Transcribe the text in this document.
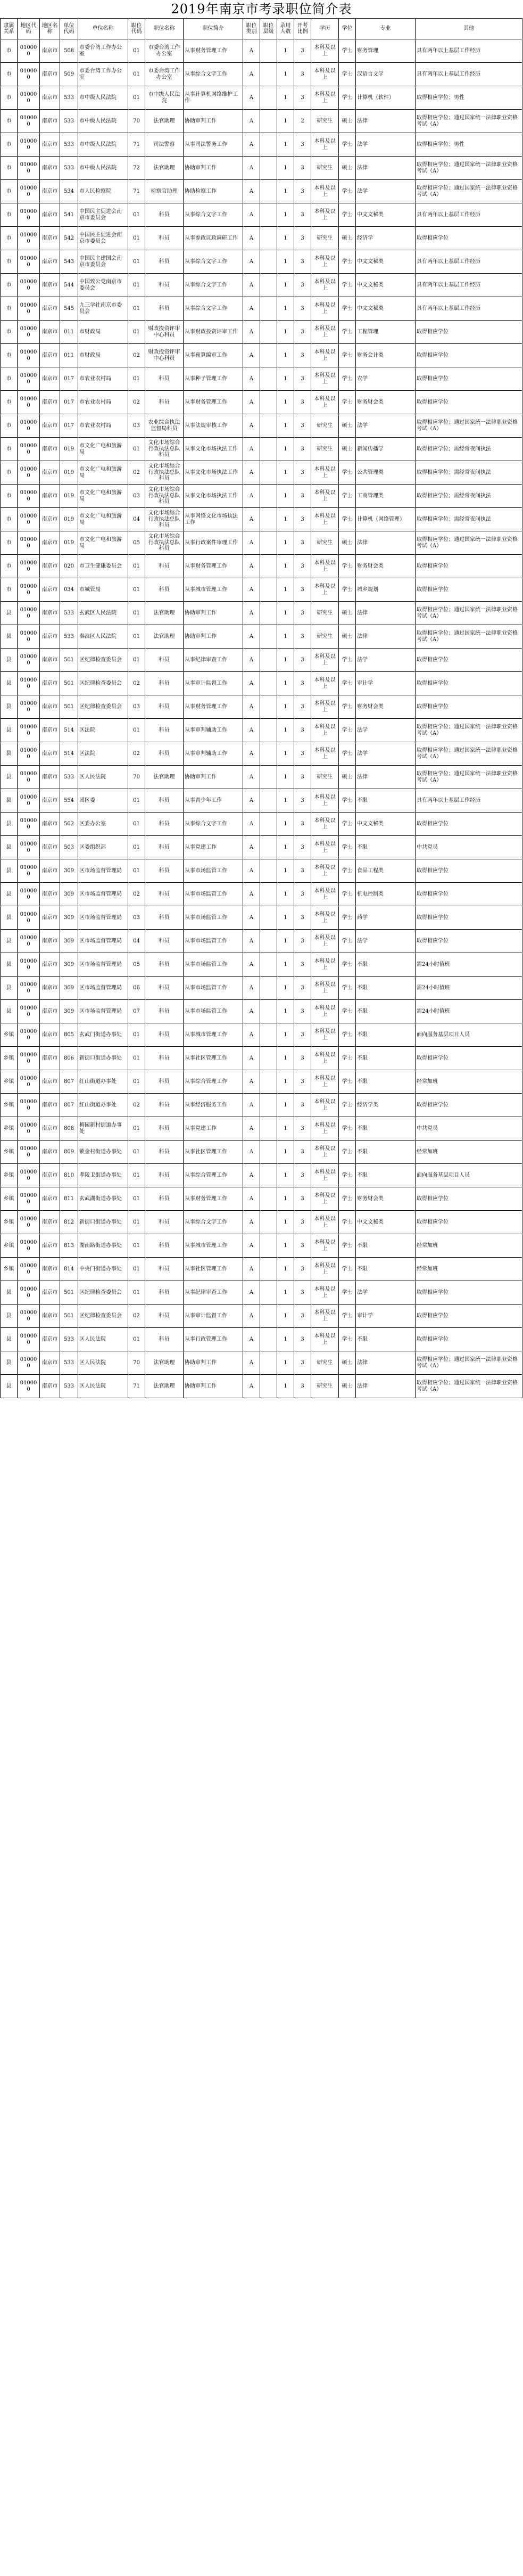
2019年南京市考录职位简介表
隶属关系	地区代码	地区名称	单位代码	单位名称	职位代码	职位名称	职位简介	职位类别	职位层级	录用人数	开考比例	学历	学位	专业	其他
市	010000	南京市	508	市委台湾工作办公室	01	市委台湾工作办公室	从事财务管理工作	A		1	3	本科及以上	学士	财务管理	具有两年以上基层工作经历
市	010000	南京市	509	市委台湾工作办公室	01	市委台湾工作办公室	从事综合文字工作	A		1	3	本科及以上	学士	汉语言文学	具有两年以上基层工作经历
市	010000	南京市	533	市中级人民法院	01	市中级人民法院	从事计算机网络维护工作	A		1	3	本科及以上	学士	计算机（软件）	取得相应学位；男性
市	010000	南京市	533	市中级人民法院	70	法官助理	协助审判工作	A		1	2	研究生	硕士	法律	取得相应学位；通过国家统一法律职业资格考试（A）
市	010000	南京市	533	市中级人民法院	71	司法警察	从事司法警务工作	A		1	3	本科及以上	学士	法学	取得相应学位；男性
市	010000	南京市	533	市中级人民法院	72	法官助理	协助审判工作	A		1	3	研究生	硕士	法律	取得相应学位；通过国家统一法律职业资格考试（A）
市	010000	南京市	534	市人民检察院	71	检察官助理	协助检察工作	A		1	3	本科及以上	学士	法学	取得相应学位；通过国家统一法律职业资格考试（A）
市	010000	南京市	541	中国民主促进会南京市委员会	01	科员	从事综合文字工作	A		1	3	本科及以上	学士	中文文秘类	具有两年以上基层工作经历
市	010000	南京市	542	中国民主促进会南京市委员会	01	科员	从事参政议政调研工作	A		1	3	研究生	硕士	经济学	取得相应学位
市	010000	南京市	543	中国民主建国会南京市委员会	01	科员	从事综合文字工作	A		1	3	本科及以上	学士	中文文秘类	具有两年以上基层工作经历
市	010000	南京市	544	中国致公党南京市委员会	01	科员	从事综合文字工作	A		1	3	本科及以上	学士	中文文秘类	具有两年以上基层工作经历
市	010000	南京市	545	九三学社南京市委员会	01	科员	从事综合文字工作	A		1	3	本科及以上	学士	中文文秘类	具有两年以上基层工作经历
市	010000	南京市	011	市财政局	01	财政投资评审中心科员	从事财政投资评审工作	A		1	3	本科及以上	学士	工程管理	取得相应学位
市	010000	南京市	011	市财政局	02	财政投资评审中心科员	从事预算编审工作	A		1	3	本科及以上	学士	财务会计类	取得相应学位
市	010000	南京市	017	市农业农村局	01	科员	从事种子管理工作	A		1	3	本科及以上	学士	农学	取得相应学位
市	010000	南京市	017	市农业农村局	02	科员	从事财务管理工作	A		1	3	本科及以上	学士	财务财会类	取得相应学位
市	010000	南京市	017	市农业农村局	03	农业综合执法监督局科员	从事法规审核工作	A		1	3	研究生	硕士	法学	取得相应学位；通过国家统一法律职业资格考试（A）
市	010000	南京市	019	市文化广电和旅游局	01	文化市场综合行政执法总队科员	从事文化市场执法工作	A		1	3	研究生	硕士	新闻传播学	取得相应学位；需经常夜间执法
市	010000	南京市	019	市文化广电和旅游局	02	文化市场综合行政执法总队科员	从事文化市场执法工作	A		1	3	本科及以上	学士	公共管理类	取得相应学位；需经常夜间执法
市	010000	南京市	019	市文化广电和旅游局	03	文化市场综合行政执法总队科员	从事文化市场执法工作	A		1	3	本科及以上	学士	工商管理类	取得相应学位；需经常夜间执法
市	010000	南京市	019	市文化广电和旅游局	04	文化市场综合行政执法总队科员	从事网络文化市场执法工作	A		1	3	本科及以上	学士	计算机（网络管理）	取得相应学位；需经常夜间执法
市	010000	南京市	019	市文化广电和旅游局	05	文化市场综合行政执法总队科员	从事行政案件审理工作	A		1	3	研究生	硕士	法律	取得相应学位；通过国家统一法律职业资格考试（A）
市	010000	南京市	020	市卫生健康委员会	01	科员	从事财务管理工作	A		1	3	本科及以上	学士	财务财会类	取得相应学位
市	010000	南京市	034	市城管局	01	科员	从事城市管理工作	A		1	3	本科及以上	学士	城乡规划	取得相应学位
县	010000	南京市	533	玄武区人民法院	01	法官助理	协助审判工作	A		1	3	研究生	硕士	法律	取得相应学位；通过国家统一法律职业资格考试（A）
县	010000	南京市	533	秦淮区人民法院	01	法官助理	协助审判工作	A		1	3	研究生	硕士	法律	取得相应学位；通过国家统一法律职业资格考试（A）
县	010000	南京市	501	区纪律检查委员会	01	科员	从事纪律审查工作	A		1	3	本科及以上	学士	法学	取得相应学位
县	010000	南京市	501	区纪律检查委员会	02	科员	从事审计监督工作	A		1	3	本科及以上	学士	审计学	取得相应学位
县	010000	南京市	501	区纪律检查委员会	03	科员	从事财务管理工作	A		1	3	本科及以上	学士	财务财会类	取得相应学位
县	010000	南京市	514	区法院	01	科员	从事审判辅助工作	A		1	3	本科及以上	学士	法学	取得相应学位；通过国家统一法律职业资格考试（A）
县	010000	南京市	514	区法院	02	科员	从事审判辅助工作	A		1	3	本科及以上	学士	法学	取得相应学位；通过国家统一法律职业资格考试（A）
县	010000	南京市	533	区人民法院	70	法官助理	协助审判工作	A		1	3	研究生	硕士	法律	取得相应学位；通过国家统一法律职业资格考试（A）
县	010000	南京市	554	团区委	01	科员	从事青少年工作	A		1	3	本科及以上	学士	不限	具有两年以上基层工作经历
县	010000	南京市	502	区委办公室	01	科员	从事综合文字工作	A		1	3	本科及以上	学士	中文文秘类	取得相应学位
县	010000	南京市	503	区委组织部	01	科员	从事党建工作	A		1	3	本科及以上	学士	不限	中共党员
县	010000	南京市	309	区市场监督管理局	01	科员	从事市场监管工作	A		1	3	本科及以上	学士	食品工程类	取得相应学位
县	010000	南京市	309	区市场监督管理局	02	科员	从事市场监管工作	A		1	3	本科及以上	学士	机电控制类	取得相应学位
县	010000	南京市	309	区市场监督管理局	03	科员	从事市场监管工作	A		1	3	本科及以上	学士	药学	取得相应学位
县	010000	南京市	309	区市场监督管理局	04	科员	从事市场监管工作	A		1	3	本科及以上	学士	法学	取得相应学位
县	010000	南京市	309	区市场监督管理局	05	科员	从事市场监管工作	A		1	3	本科及以上	学士	不限	需24小时值班
县	010000	南京市	309	区市场监督管理局	06	科员	从事市场监管工作	A		1	3	本科及以上	学士	不限	需24小时值班
县	010000	南京市	309	区市场监督管理局	07	科员	从事市场监管工作	A		1	3	本科及以上	学士	不限	需24小时值班
乡镇	010000	南京市	805	玄武门街道办事处	01	科员	从事城市管理工作	A		1	3	本科及以上	学士	不限	面向服务基层项目人员
乡镇	010000	南京市	806	新街口街道办事处	01	科员	从事社区管理工作	A		1	3	本科及以上	学士	不限	取得相应学位
乡镇	010000	南京市	807	红山街道办事处	01	科员	从事综合管理工作	A		1	3	本科及以上	学士	不限	经常加班
乡镇	010000	南京市	807	红山街道办事处	02	科员	从事经济服务工作	A		1	3	本科及以上	学士	经济学类	取得相应学位
乡镇	010000	南京市	808	梅园新村街道办事处	01	科员	从事党建工作	A		1	3	本科及以上	学士	不限	中共党员
乡镇	010000	南京市	809	锁金村街道办事处	01	科员	从事社区管理工作	A		1	3	本科及以上	学士	不限	经常加班
乡镇	010000	南京市	810	孝陵卫街道办事处	01	科员	从事综合管理工作	A		1	3	本科及以上	学士	不限	面向服务基层项目人员
乡镇	010000	南京市	811	玄武湖街道办事处	01	科员	从事财务管理工作	A		1	3	本科及以上	学士	财务财会类	取得相应学位
乡镇	010000	南京市	812	新街口街道办事处	01	科员	从事综合文字工作	A		1	3	本科及以上	学士	中文文秘类	取得相应学位
乡镇	010000	南京市	813	湖南路街道办事处	01	科员	从事城市管理工作	A		1	3	本科及以上	学士	不限	经常加班
乡镇	010000	南京市	814	中央门街道办事处	01	科员	从事社区管理工作	A		1	3	本科及以上	学士	不限	经常加班
县	010000	南京市	501	区纪律检查委员会	01	科员	从事纪律审查工作	A		1	3	本科及以上	学士	法学	取得相应学位
县	010000	南京市	501	区纪律检查委员会	02	科员	从事审计监督工作	A		1	3	本科及以上	学士	审计学	取得相应学位
县	010000	南京市	533	区人民法院	01	科员	从事行政管理工作	A		1	3	本科及以上	学士	不限	取得相应学位
县	010000	南京市	533	区人民法院	70	法官助理	协助审判工作	A		1	3	研究生	硕士	法律	取得相应学位；通过国家统一法律职业资格考试（A）
县	010000	南京市	533	区人民法院	71	法官助理	协助审判工作	A		1	3	研究生	硕士	法律	取得相应学位；通过国家统一法律职业资格考试（A）
